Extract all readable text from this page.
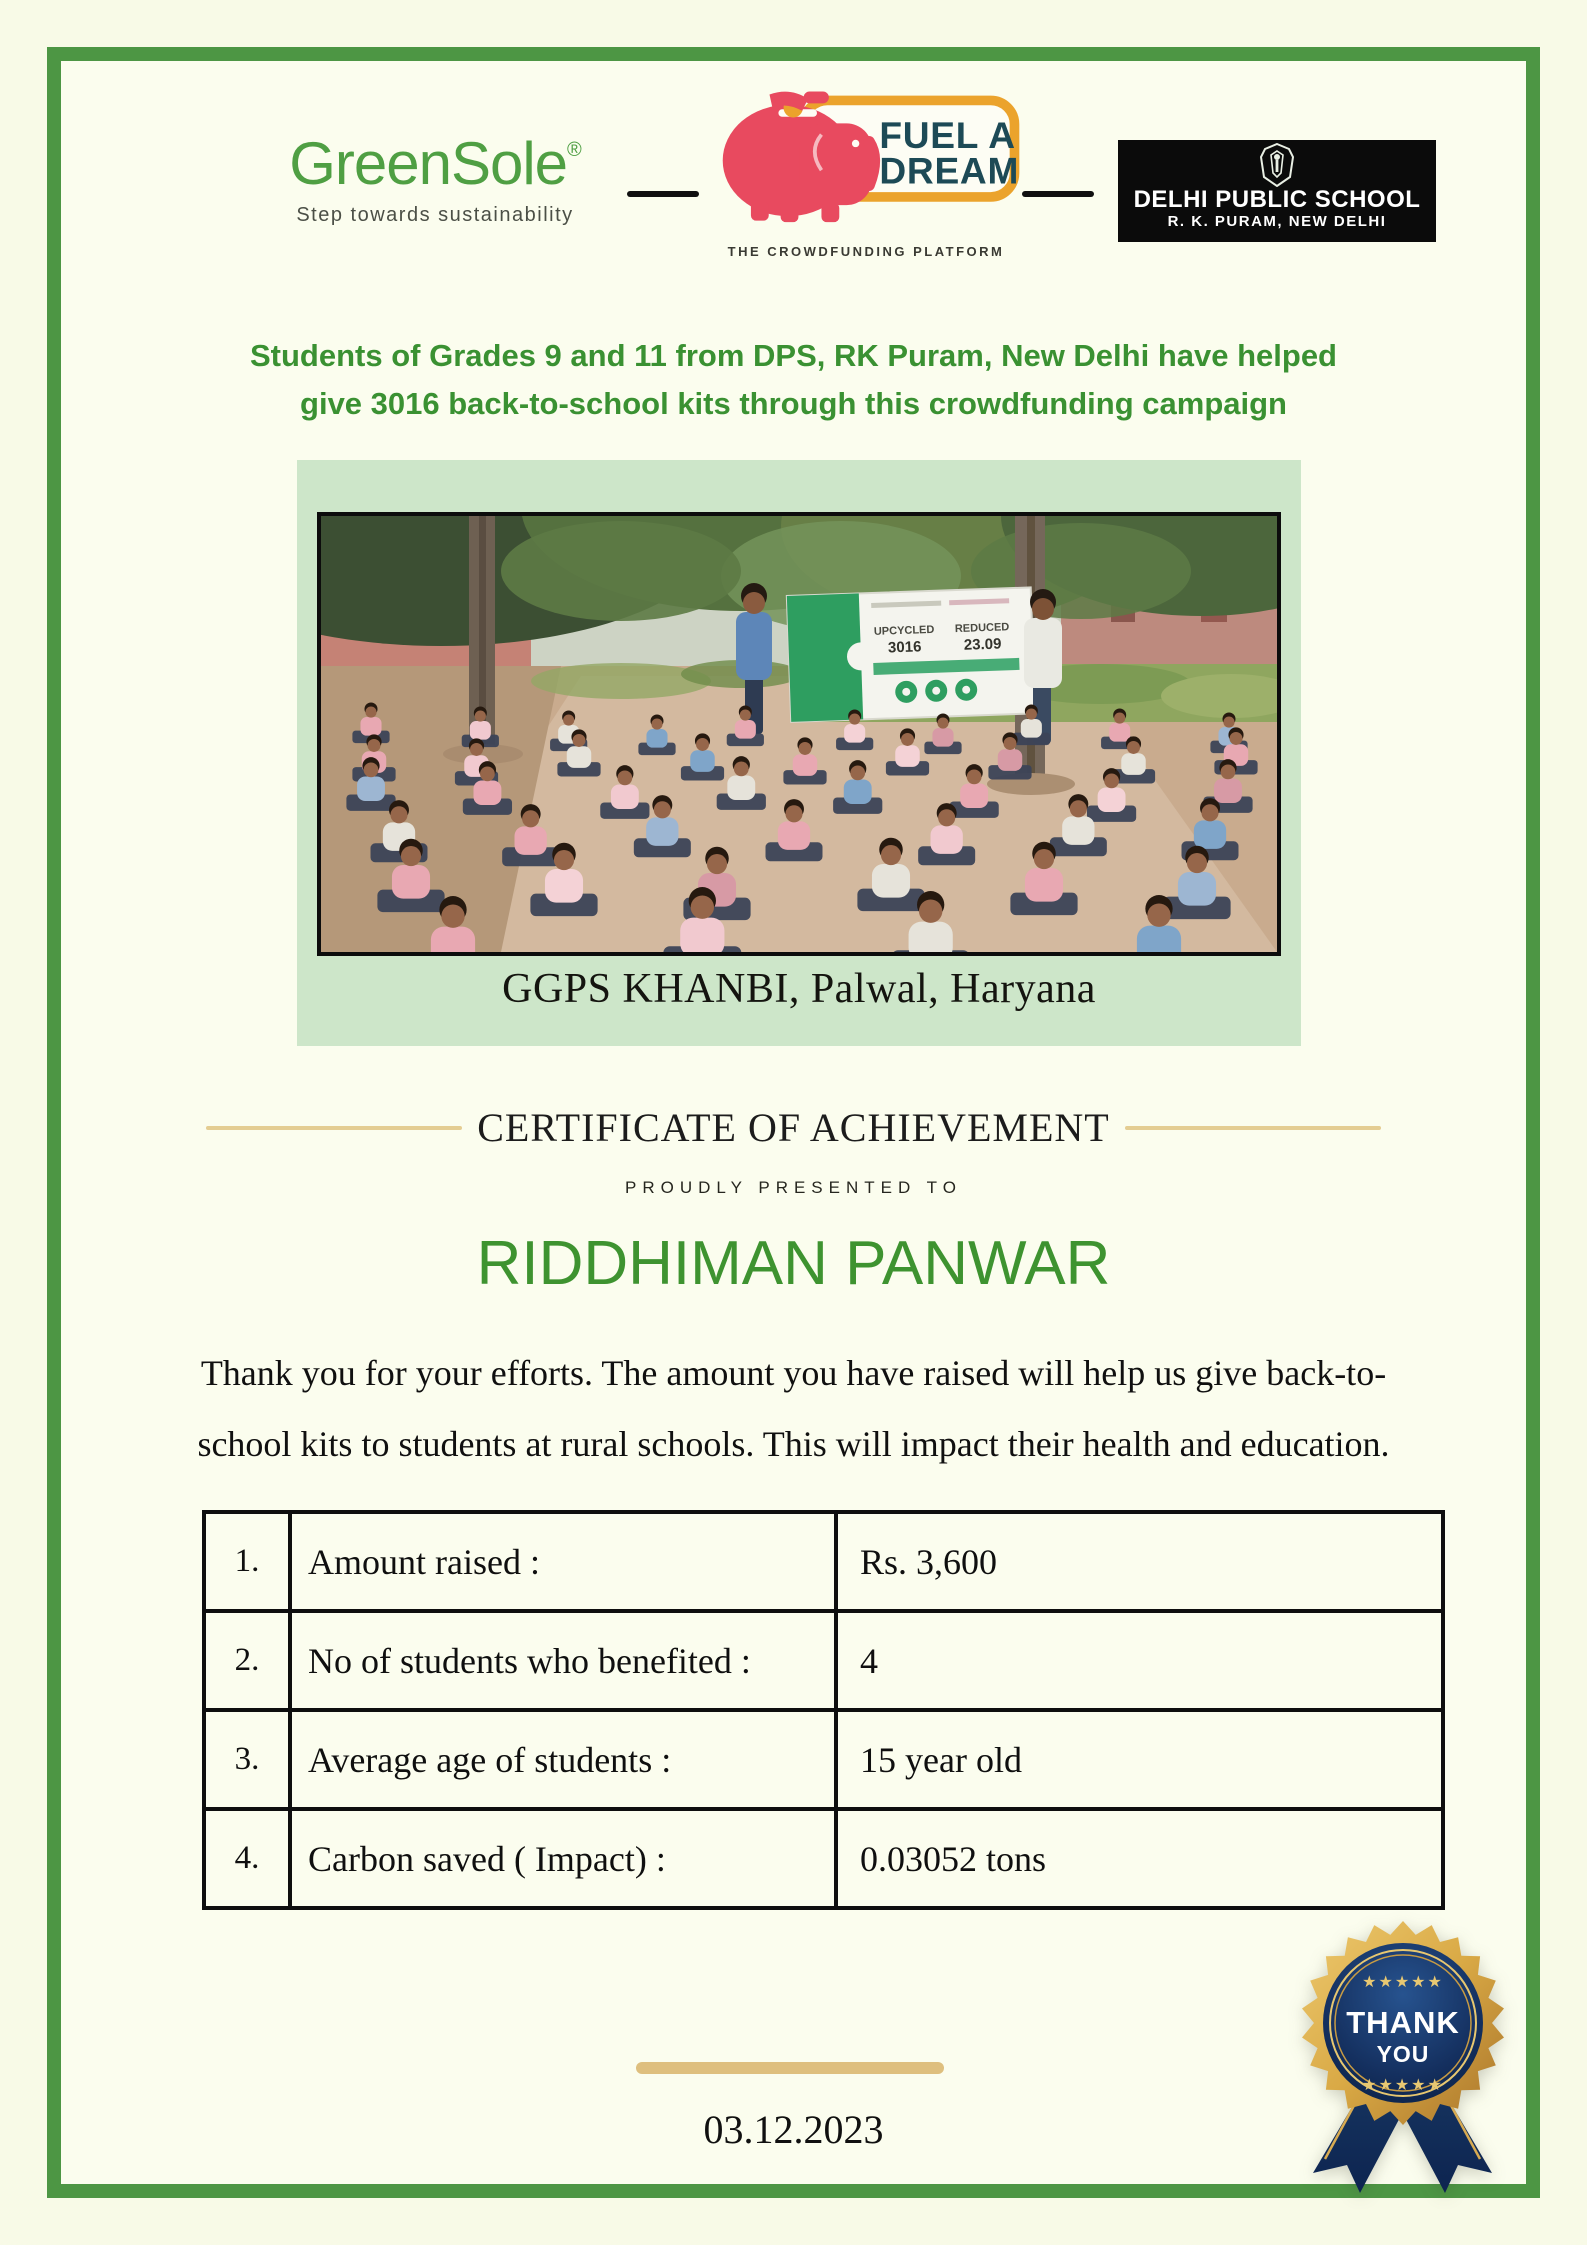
GreenSole®
Step towards sustainability
FUEL A
DREAM
THE CROWDFUNDING PLATFORM
DELHI PUBLIC SCHOOL
R. K. PURAM, NEW DELHI
Students of Grades 9 and 11 from DPS, RK Puram, New Delhi have helped
give 3016 back-to-school kits through this crowdfunding campaign
UPCYCLED
3016
REDUCED
23.09
GGPS KHANBI, Palwal, Haryana
CERTIFICATE OF ACHIEVEMENT
PROUDLY PRESENTED TO
RIDDHIMAN PANWAR
Thank you for your efforts. The amount you have raised will help us give back-to-
school kits to students at rural schools. This will impact their health and education.
1.	Amount raised :	Rs. 3,600
2.	No of students who benefited :	4
3.	Average age of students :	15 year old
4.	Carbon saved ( Impact) :	0.03052 tons
03.12.2023
★★★★★
THANK
YOU
★★★★★
